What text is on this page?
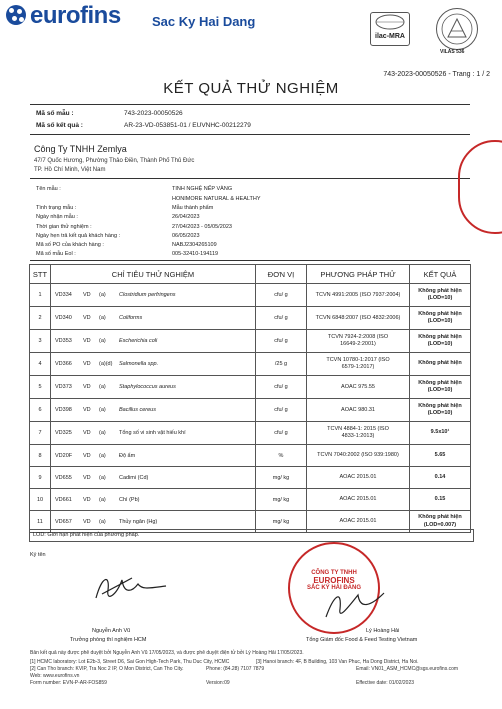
eurofins Sac Ky Hai Dang
ilac-MRA
VILAS 536
743-2023-00050526 - Trang : 1 / 2
KẾT QUẢ THỬ NGHIỆM
Mã số mẫu :	743-2023-00050526
Mã số kết quả :	AR-23-VD-053851-01 / EUVNHC-00212279
Công Ty TNHH Zemlya
47/7 Quốc Hương, Phường Thảo Điền, Thành Phố Thủ Đức
TP. Hồ Chí Minh, Việt Nam
Tên mẫu :	TINH NGHỆ NẾP VÀNG
HONIMORE NATURAL & HEALTHY
Tình trạng mẫu :	Mẫu thành phẩm
Ngày nhận mẫu :	26/04/2023
Thời gian thử nghiệm :	27/04/2023 - 05/05/2023
Ngày hẹn trả kết quả khách hàng :	06/05/2023
Mã số PO của khách hàng :	NABJ2304265109
Mã số mẫu Eol :	005-32410-194119
STT	CHỈ TIÊU THỬ NGHIỆM	ĐƠN VỊ	PHƯƠNG PHÁP THỬ	KẾT QUẢ
1	VD334 VD (a) Clostridium perfringens	cfu/ g	TCVN 4991:2005 (ISO 7937:2004)	Không phát hiện
(LOD=10)
2	VD340 VD (a) Coliforms	cfu/ g	TCVN 6848:2007 (ISO 4832:2006)	Không phát hiện
(LOD=10)
3	VD353 VD (a) Escherichia coli	cfu/ g	TCVN 7924-2:2008 (ISO
16649-2:2001)	Không phát hiện
(LOD=10)
4	VD366 VD (a)(d) Salmonella spp.	/25 g	TCVN 10780-1:2017 (ISO
6579-1:2017)	Không phát hiện
5	VD373 VD (a) Staphylococcus aureus	cfu/ g	AOAC 975.55	Không phát hiện
(LOD=10)
6	VD398 VD (a) Bacillus cereus	cfu/ g	AOAC 980.31	Không phát hiện
(LOD=10)
7	VD325 VD (a) Tổng số vi sinh vật hiếu khí	cfu/ g	TCVN 4884-1: 2015 (ISO
4833-1:2013)	9.5x10¹
8	VD20F VD (a) Độ ẩm	%	TCVN 7040:2002 (ISO 939:1980)	5.65
9	VD655 VD (a) Cadimi (Cd)	mg/ kg	AOAC 2015.01	0.14
10	VD661 VD (a) Chì (Pb)	mg/ kg	AOAC 2015.01	0.15
11	VD657 VD (a) Thủy ngân (Hg)	mg/ kg	AOAC 2015.01	Không phát hiện
(LOD=0.007)
LOD: Giới hạn phát hiện của phương pháp.
Ký tên
Nguyễn Anh Vũ
Trưởng phòng thí nghiệm HCM
CÔNG TY TNHH
EUROFINS
SẮC KÝ HẢI ĐĂNG
Lý Hoàng Hải
Tổng Giám đốc Food & Feed Testing Vietnam
Bản kết quả này được phê duyệt bởi Nguyễn Anh Vũ 17/05/2023, và được phê duyệt điện tử bởi Lý Hoàng Hải 17/05/2023.
[1] HCMC laboratory: Lot E2b-3, Street D6, Sai Gon High-Tech Park, Thu Duc City, HCMC
[2] Can Tho branch: KVIP, Tra Noc 2 IP, O Mon District, Can Tho City.
Web: www.eurofins.vn
Form number: EVN-P-AR-FOS859
[3] Hanoi branch: 4F, B Building, 103 Van Phuc, Ha Dong District, Ha Noi.
Phone: (84.28) 7107 7879
Version:09
Email: VN01_ASM_HCMC@sgs.eurofins.com
Effective date: 01/02/2023
